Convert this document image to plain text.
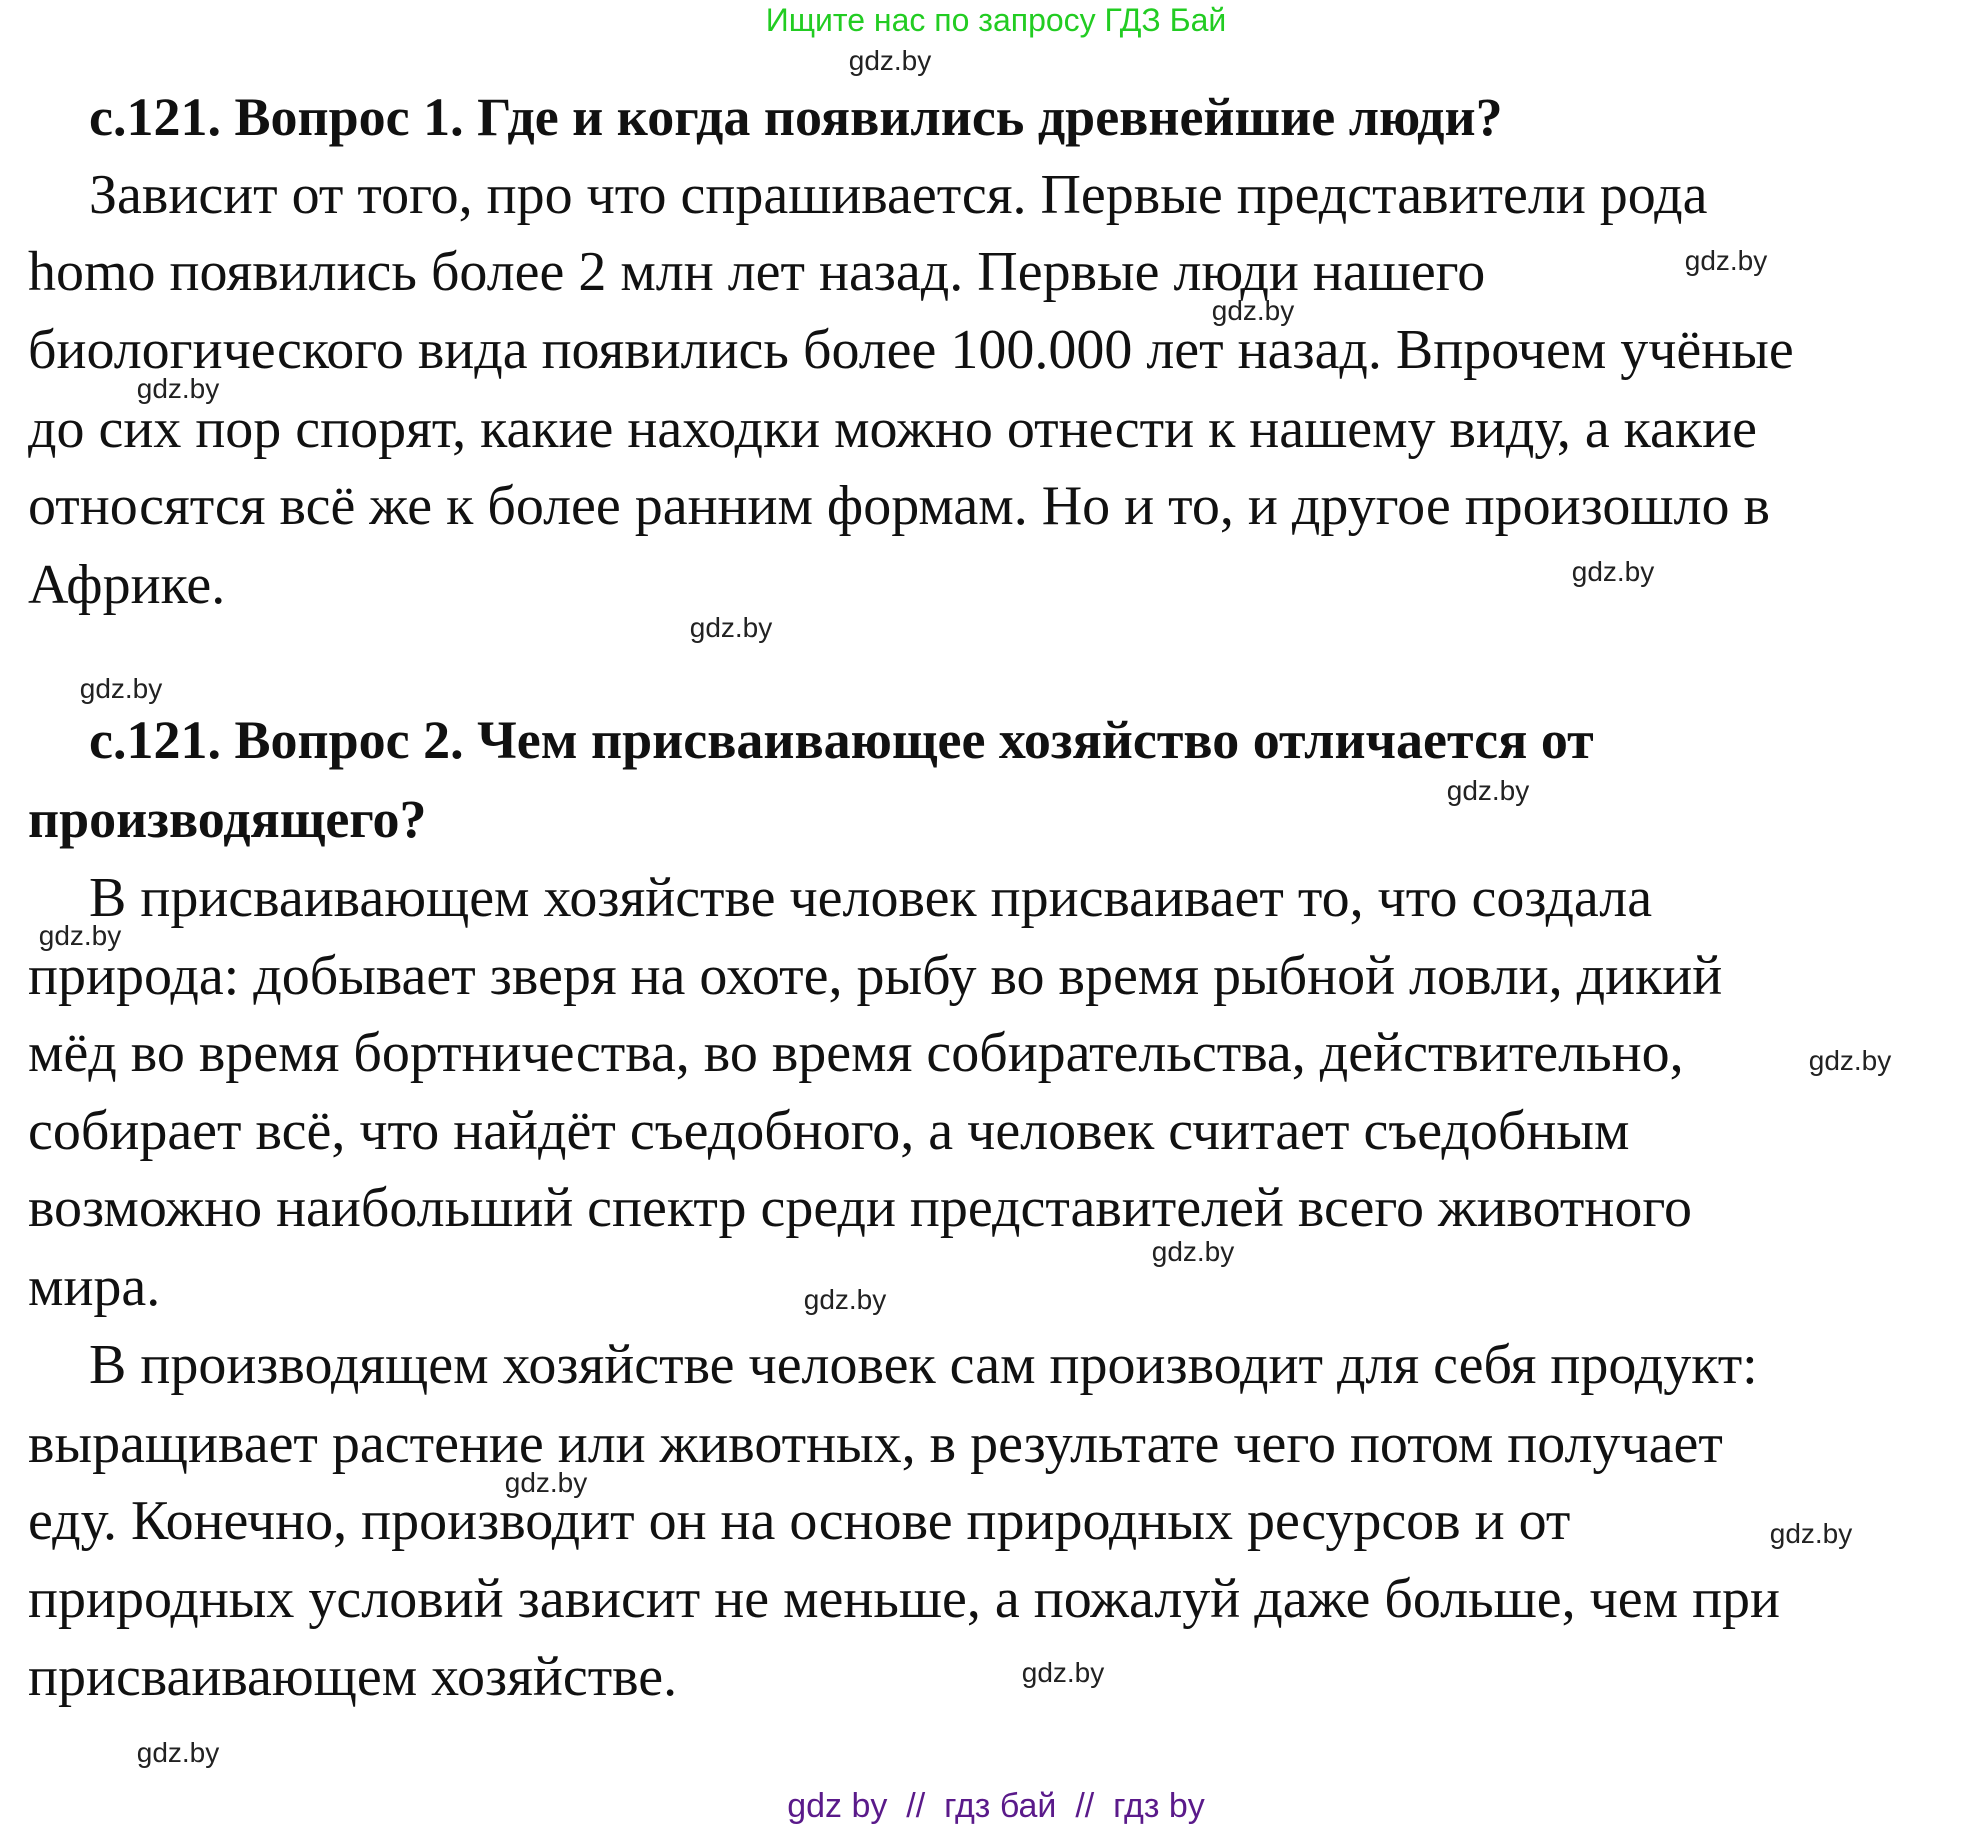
Ищите нас по запросу ГДЗ Бай
с.121. Вопрос 1. Где и когда появились древнейшие люди?
Зависит от того, про что спрашивается. Первые представители рода
homo появились более 2 млн лет назад. Первые люди нашего
биологического вида появились более 100.000 лет назад. Впрочем учёные
до сих пор спорят, какие находки можно отнести к нашему виду, а какие
относятся всё же к более ранним формам. Но и то, и другое произошло в
Африке.
с.121. Вопрос 2. Чем присваивающее хозяйство отличается от
производящего?
В присваивающем хозяйстве человек присваивает то, что создала
природа: добывает зверя на охоте, рыбу во время рыбной ловли, дикий
мёд во время бортничества, во время собирательства, действительно,
собирает всё, что найдёт съедобного, а человек считает съедобным
возможно наибольший спектр среди представителей всего животного
мира.
В производящем хозяйстве человек сам производит для себя продукт:
выращивает растение или животных, в результате чего потом получает
еду. Конечно, производит он на основе природных ресурсов и от
природных условий зависит не меньше, а пожалуй даже больше, чем при
присваивающем хозяйстве.
gdz.by
gdz.by
gdz.by
gdz.by
gdz.by
gdz.by
gdz.by
gdz.by
gdz.by
gdz.by
gdz.by
gdz.by
gdz.by
gdz.by
gdz.by
gdz.by
gdz by  //  гдз бай  //  гдз by
